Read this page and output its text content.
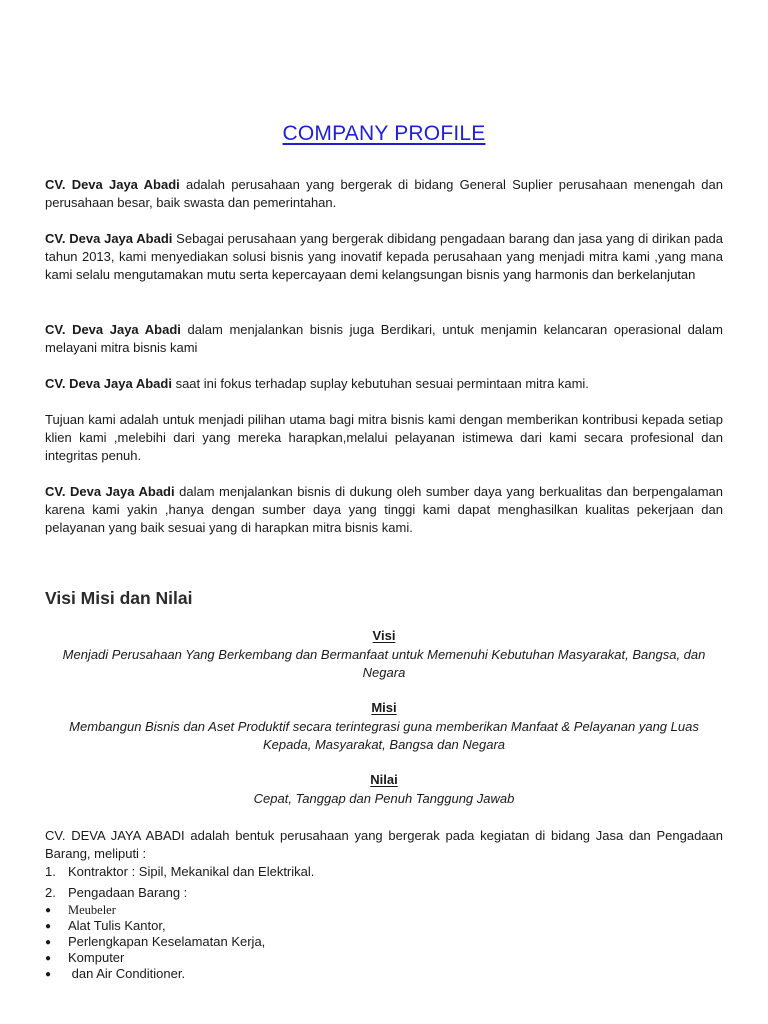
COMPANY PROFILE
CV. Deva Jaya Abadi adalah perusahaan yang bergerak di bidang General Suplier perusahaan menengah dan perusahaan besar, baik swasta dan pemerintahan.
CV. Deva Jaya Abadi Sebagai perusahaan yang bergerak dibidang pengadaan barang dan jasa yang di dirikan pada tahun 2013, kami menyediakan solusi bisnis yang inovatif kepada perusahaan yang menjadi mitra kami ,yang mana kami selalu mengutamakan mutu serta kepercayaan demi kelangsungan bisnis yang harmonis dan berkelanjutan
CV. Deva Jaya Abadi dalam menjalankan bisnis juga Berdikari, untuk menjamin kelancaran operasional dalam melayani mitra bisnis kami
CV. Deva Jaya Abadi saat ini fokus terhadap suplay kebutuhan sesuai permintaan mitra kami.
Tujuan kami adalah untuk menjadi pilihan utama bagi mitra bisnis kami dengan memberikan kontribusi kepada setiap klien kami ,melebihi dari yang mereka harapkan,melalui pelayanan istimewa dari kami secara profesional dan integritas penuh.
CV. Deva Jaya Abadi dalam menjalankan bisnis di dukung oleh sumber daya yang berkualitas dan berpengalaman karena kami yakin ,hanya dengan sumber daya yang tinggi kami dapat menghasilkan kualitas pekerjaan dan pelayanan yang baik sesuai yang di harapkan mitra bisnis kami.
Visi Misi dan Nilai
Visi
Menjadi Perusahaan Yang Berkembang dan Bermanfaat untuk Memenuhi Kebutuhan Masyarakat, Bangsa, dan Negara
Misi
Membangun Bisnis dan Aset Produktif secara terintegrasi guna memberikan Manfaat & Pelayanan yang Luas Kepada, Masyarakat, Bangsa dan Negara
Nilai
Cepat, Tanggap dan Penuh Tanggung Jawab
CV. DEVA JAYA ABADI adalah bentuk perusahaan yang bergerak pada kegiatan di bidang Jasa dan Pengadaan Barang, meliputi :
1. Kontraktor : Sipil, Mekanikal dan Elektrikal.
2. Pengadaan Barang :
● Meubeler
● Alat Tulis Kantor,
● Perlengkapan Keselamatan Kerja,
● Komputer
● dan Air Conditioner.
